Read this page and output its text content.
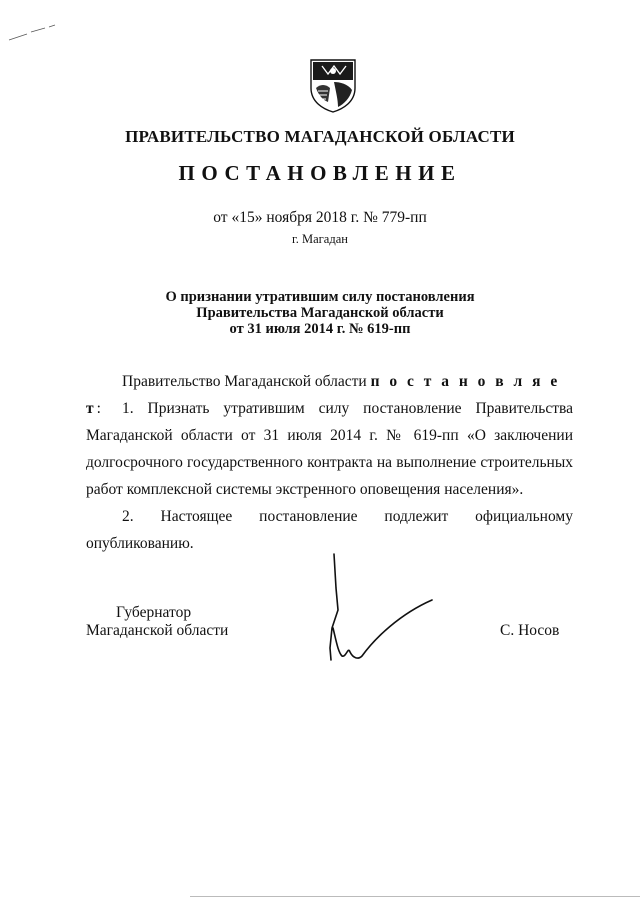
ПРАВИТЕЛЬСТВО МАГАДАНСКОЙ ОБЛАСТИ
ПОСТАНОВЛЕНИЕ
от «15» ноября 2018 г. № 779-пп
г. Магадан
О признании утратившим силу постановления
Правительства Магаданской области
от 31 июля 2014 г. № 619-пп
Правительство Магаданской области п о с т а н о в л я е т:	1. Признать утратившим силу постановление Правительства Магаданской области от 31 июля 2014 г. № 619-пп «О заключении долгосрочного государственного контракта на выполнение строительных работ комплексной системы экстренного оповещения населения».
2. Настоящее постановление подлежит официальному
опубликованию.
Губернатор
Магаданской области	С. Носов
